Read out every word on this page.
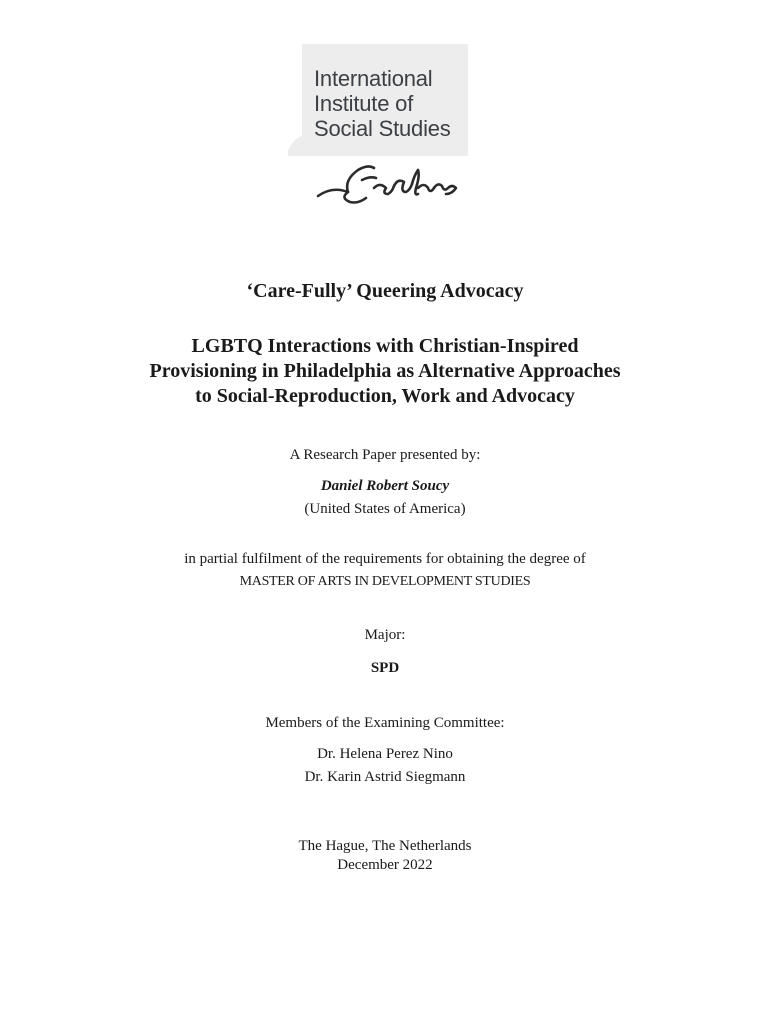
International
Institute of
Social Studies
‘Care-Fully’ Queering Advocacy
LGBTQ Interactions with Christian-Inspired
Provisioning in Philadelphia as Alternative Approaches
to Social-Reproduction, Work and Advocacy
A Research Paper presented by:
Daniel Robert Soucy
(United States of America)
in partial fulfilment of the requirements for obtaining the degree of
MASTER OF ARTS IN DEVELOPMENT STUDIES
Major:
SPD
Members of the Examining Committee:
Dr. Helena Perez Nino
Dr. Karin Astrid Siegmann
The Hague, The Netherlands
December 2022
